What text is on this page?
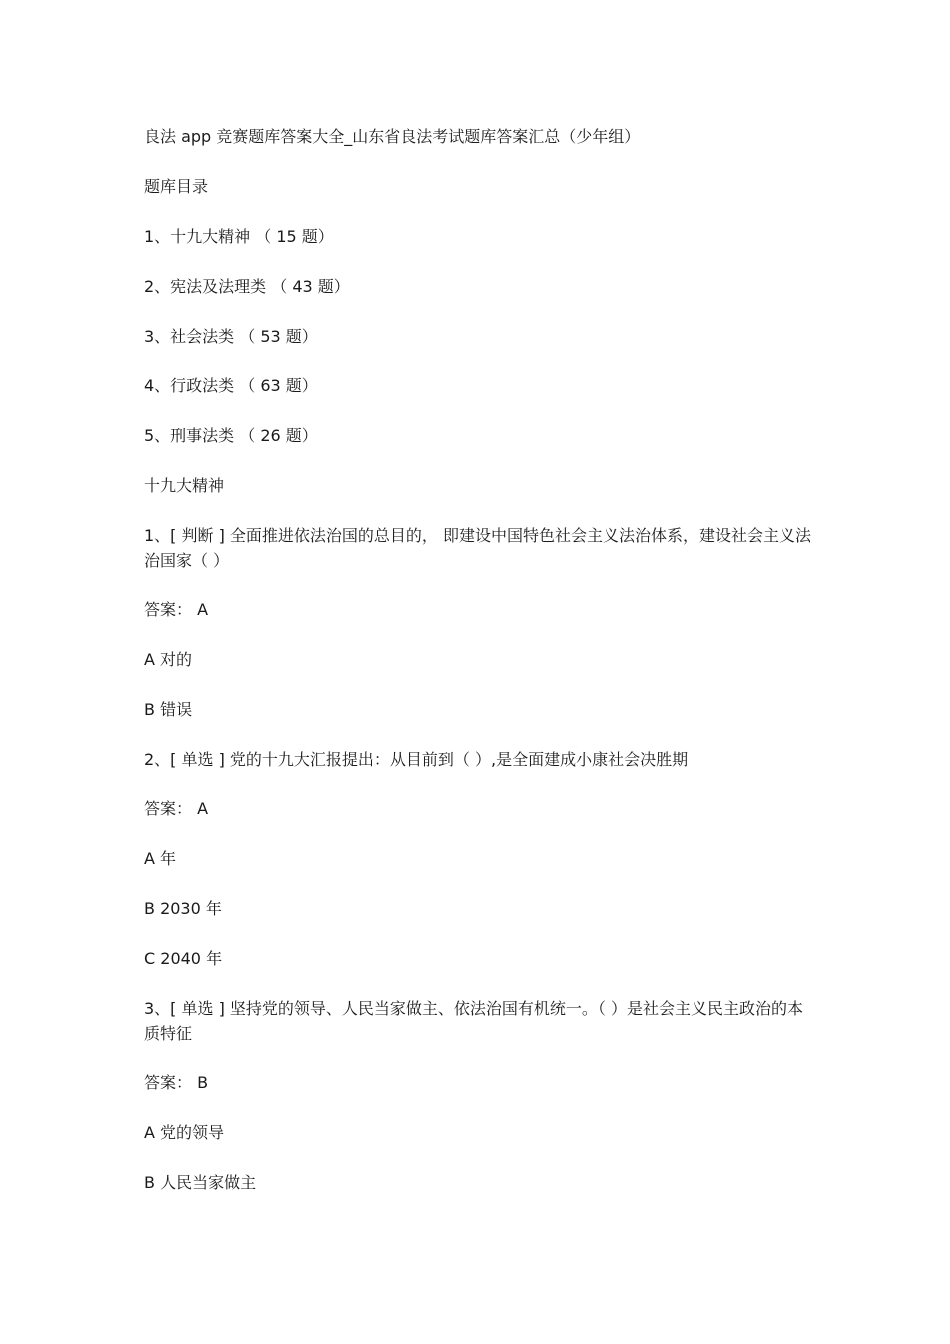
良法 app 竞赛题库答案大全_山东省良法考试题库答案汇总（少年组）
题库目录
1、十九大精神 （ 15 题）
2、宪法及法理类 （ 43 题）
3、社会法类 （ 53 题）
4、行政法类 （ 63 题）
5、刑事法类 （ 26 题）
十九大精神
1、[ 判断 ] 全面推进依法治国的总目的， 即建设中国特色社会主义法治体系，建设社会主义法治国家（ ）
答案： A
A 对的
B 错误
2、[ 单选 ] 党的十九大汇报提出：从目前到（ ）,是全面建成小康社会决胜期
答案： A
A 年
B 2030 年
C 2040 年
3、[ 单选 ] 坚持党的领导、人民当家做主、依法治国有机统一。（ ）是社会主义民主政治的本质特征
答案： B
A 党的领导
B 人民当家做主
